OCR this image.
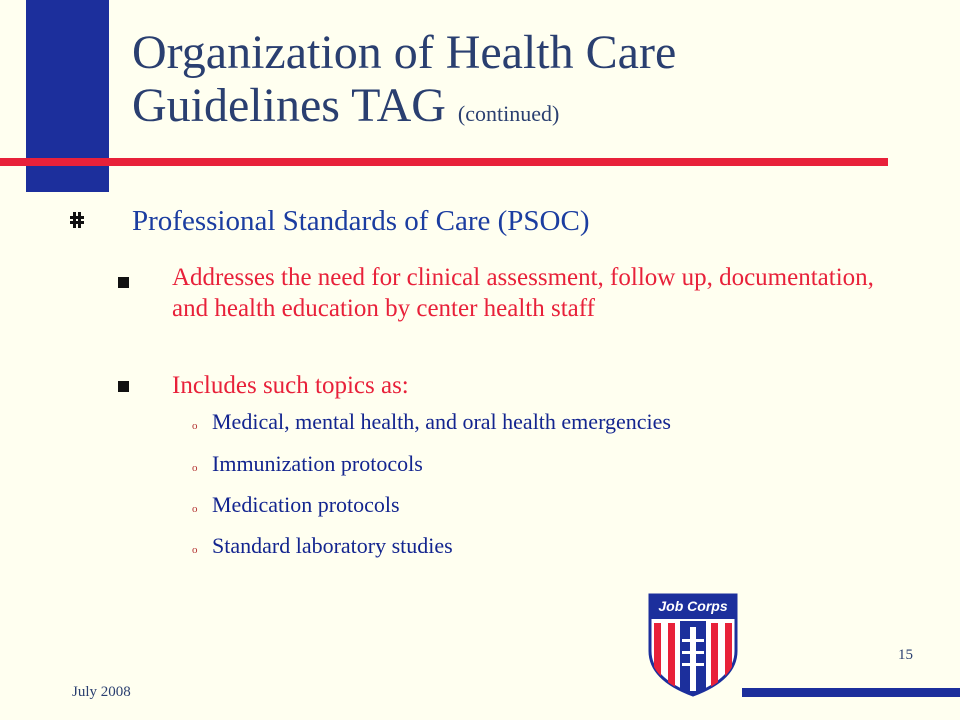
Organization of Health Care
Guidelines TAG (continued)
Professional Standards of Care (PSOC)
Addresses the need for clinical assessment, follow up, documentation, and health education by center health staff
Includes such topics as:
o Medical, mental health, and oral health emergencies
o Immunization protocols
o Medication protocols
o Standard laboratory studies
Job Corps
15
July 2008
